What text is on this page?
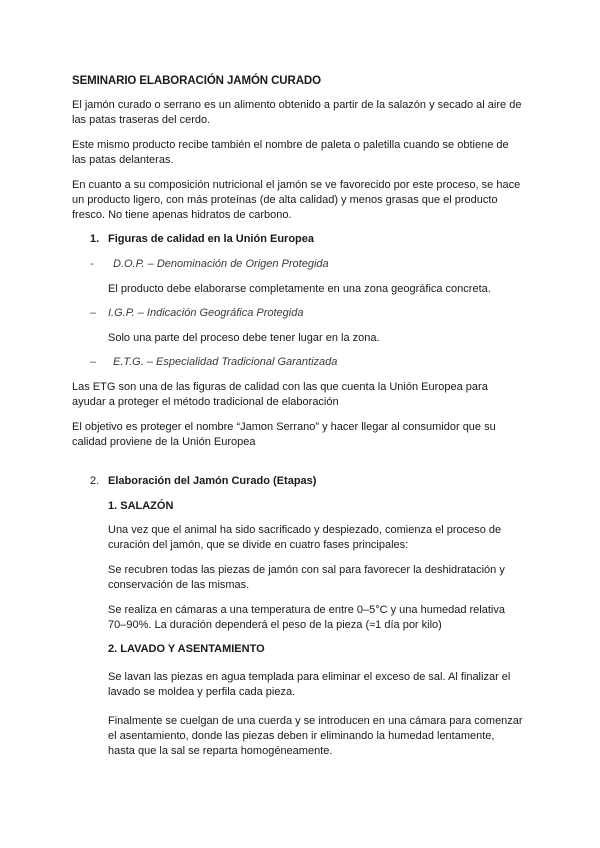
SEMINARIO ELABORACIÓN JAMÓN CURADO
El jamón curado o serrano es un alimento obtenido a partir de la salazón y secado al aire de
las patas traseras del cerdo.
Este mismo producto recibe también el nombre de paleta o paletilla cuando se obtiene de
las patas delanteras.
En cuanto a su composición nutricional el jamón se ve favorecido por este proceso, se hace
un producto ligero, con más proteínas (de alta calidad) y menos grasas que el producto
fresco. No tiene apenas hidratos de carbono.
1. Figuras de calidad en la Unión Europea
- D.O.P. – Denominación de Origen Protegida
El producto debe elaborarse completamente en una zona geográfica concreta.
– I.G.P. – Indicación Geográfica Protegida
Solo una parte del proceso debe tener lugar en la zona.
– E.T.G. – Especialidad Tradicional Garantizada
Las ETG son una de las figuras de calidad con las que cuenta la Unión Europea para
ayudar a proteger el método tradicional de elaboración
El objetivo es proteger el nombre “Jamon Serrano” y hacer llegar al consumidor que su
calidad proviene de la Unión Europea
2. Elaboración del Jamón Curado (Etapas)
1. SALAZÓN
Una vez que el animal ha sido sacrificado y despiezado, comienza el proceso de
curación del jamón, que se divide en cuatro fases principales:
Se recubren todas las piezas de jamón con sal para favorecer la deshidratación y
conservación de las mismas.
Se realiza en cámaras a una temperatura de entre 0–5°C y una humedad relativa
70–90%. La duración dependerá el peso de la pieza (≈1 día por kilo)
2. LAVADO Y ASENTAMIENTO
Se lavan las piezas en agua templada para eliminar el exceso de sal. Al finalizar el
lavado se moldea y perfila cada pieza.
Finalmente se cuelgan de una cuerda y se introducen en una cámara para comenzar
el asentamiento, donde las piezas deben ir eliminando la humedad lentamente,
hasta que la sal se reparta homogéneamente.
